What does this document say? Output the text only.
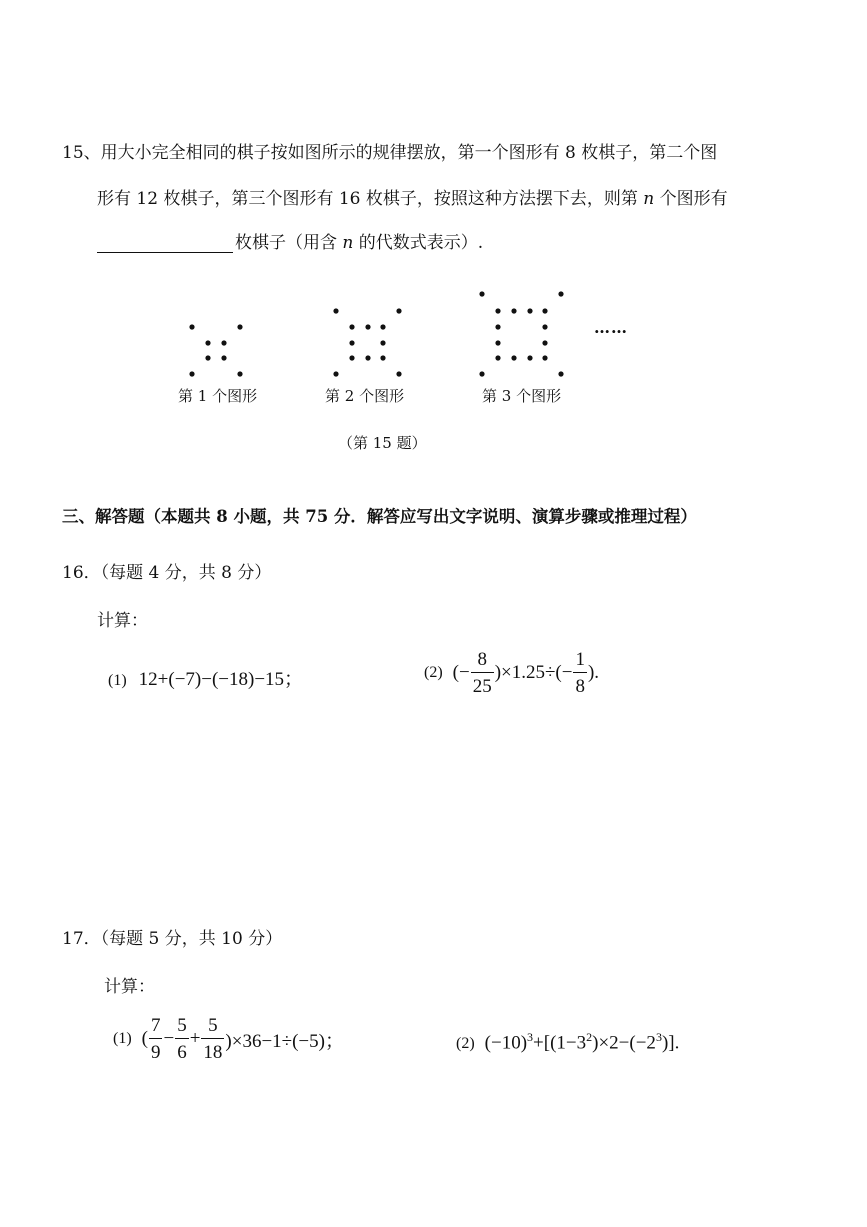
15、用大小完全相同的棋子按如图所示的规律摆放，第一个图形有 8 枚棋子，第二个图
形有 12 枚棋子，第三个图形有 16 枚棋子，按照这种方法摆下去，则第 n 个图形有
枚棋子（用含 n 的代数式表示）.
……
第 1 个图形	第 2 个图形	第 3 个图形
（第 15 题）
三、解答题（本题共 8 小题，共 75 分．解答应写出文字说明、演算步骤或推理过程）
16．（每题 4 分，共 8 分）
计算：
(1) 12+(−7)−(−18)−15；	(2) (− $\frac{8}{25} )\times 1.25\div(- \frac{1}{8}$ ).
17．（每题 5 分，共 10 分）
计算：
(1) ( $\frac{7}{9} - \frac{5}{6} + \frac{5}{18} )\times 36-1\div(-5)$；	(2) $(-10)^3+[(1-3^2)\times 2-(-2^3)]$.
